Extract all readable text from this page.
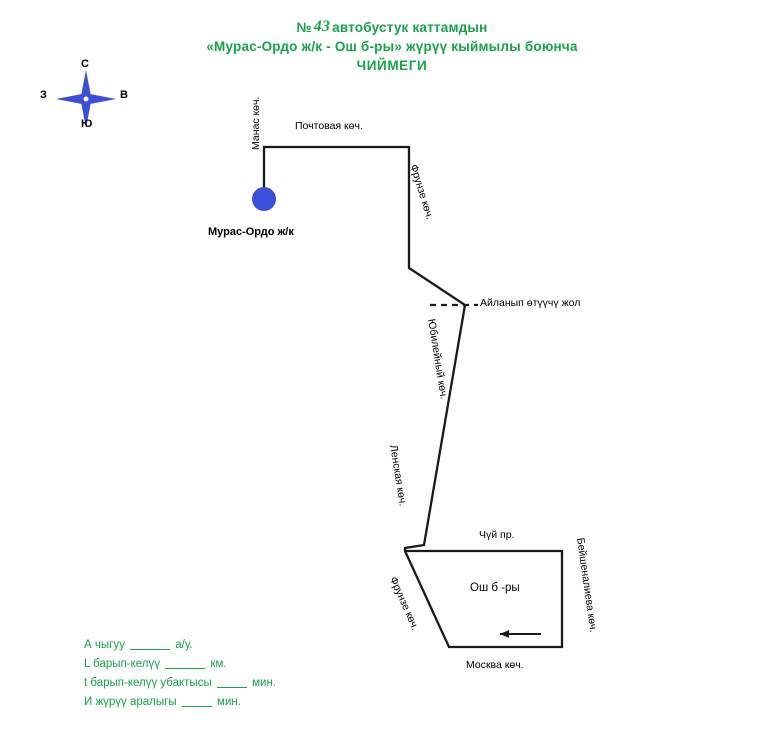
№ 43 автобустук каттамдын
«Мурас-Ордо ж/к - Ош б-ры» жүрүү кыймылы боюнча
ЧИЙМЕГИ
С
Ю
З	В
Манас көч.	Почтовая көч.
Фрунзе көч.
Юбилейный көч.
Ленская көч.
Чүй пр.
Бейшеналиева көч.
Москва көч.
Фрунзе көч.
Айланып өтүүчү жол
Мурас-Ордо ж/к
Ош б -ры
А чыгуу	а/у.
L барып-келүү	км.
t барып-келүү убактысы	мин.
И жүрүү аралыгы	мин.
